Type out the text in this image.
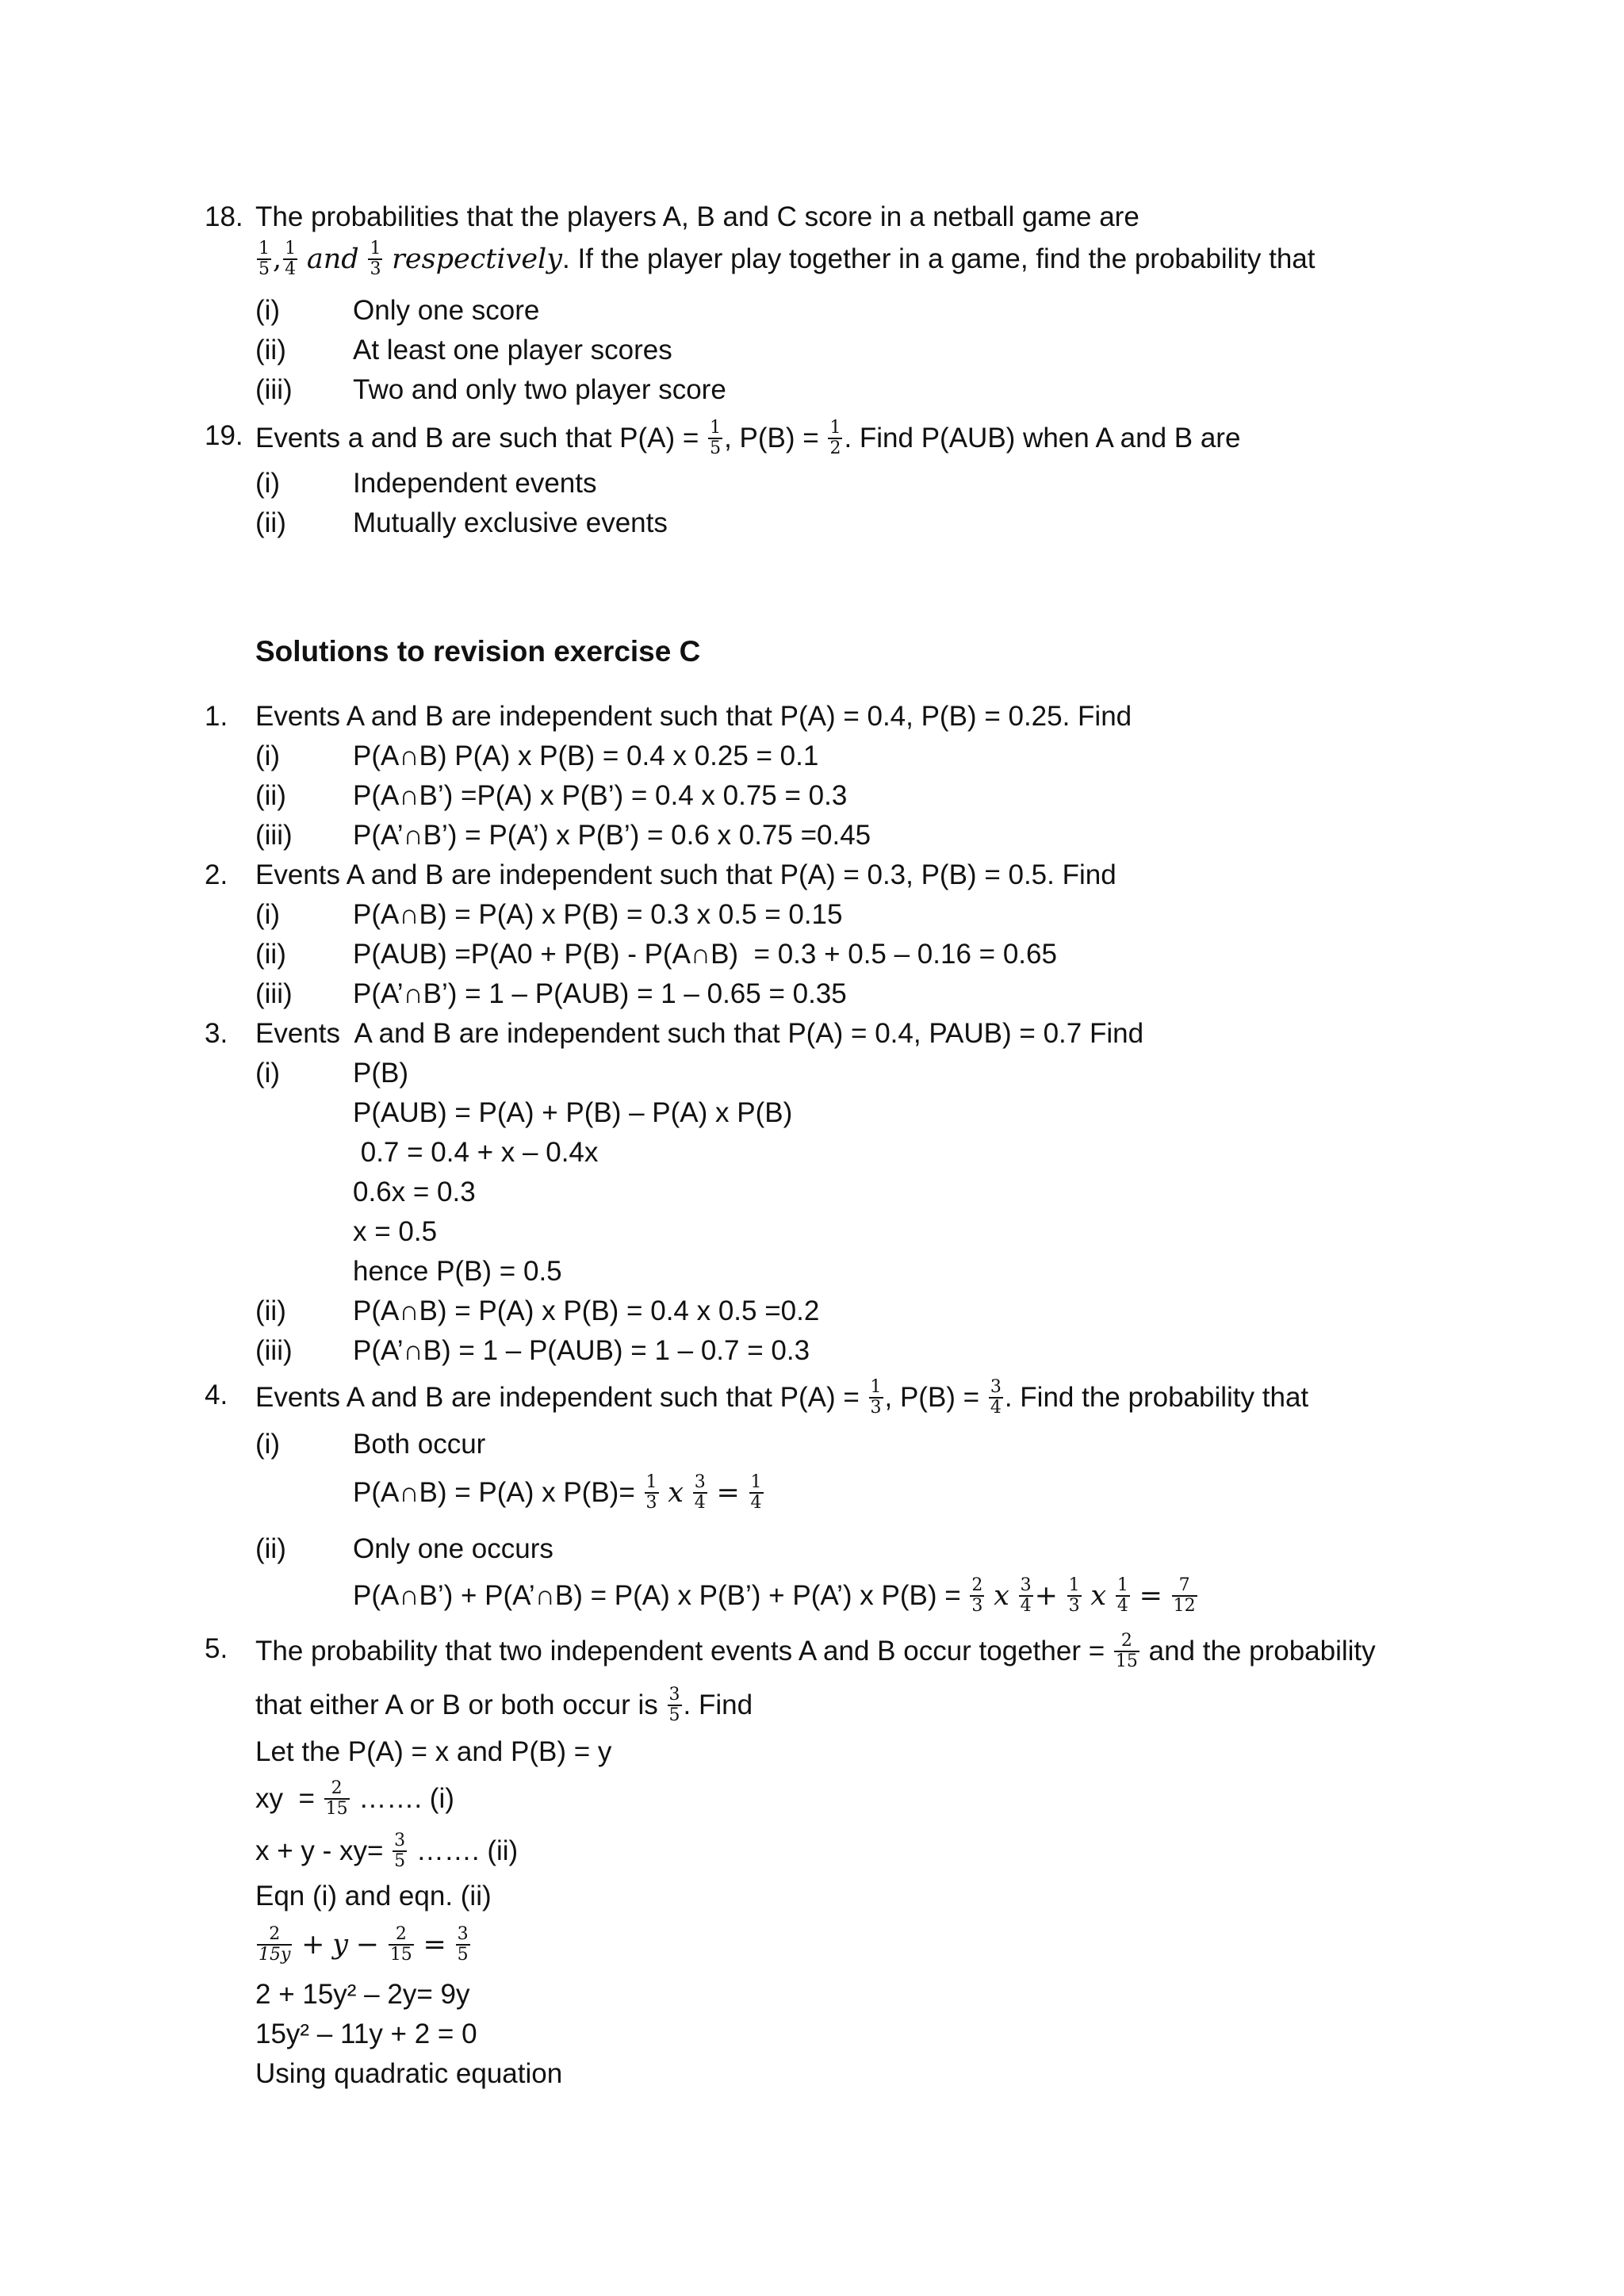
18. The probabilities that the players A, B and C score in a netball game are
$\frac{1}{5}$ , $\frac{1}{4}$ and $\frac{1}{3}$ respectively. If the player play together in a game, find the probability that
(i)	Only one score
(ii) At least one player scores
(iii) Two and only two player score
19. Events a and B are such that $P(A) = \frac{1}{5}$ , $P(B) = \frac{1}{2}$ . Find P(AUB) when A and B are
(i)	Independent events
(ii) Mutually exclusive events
Solutions to revision exercise C
1. Events A and B are independent such that P(A) = 0.4, P(B) = 0.25. Find
(i)	P(A∩B) P(A) x P(B) = 0.4 x 0.25 = 0.1
(ii) P(A∩B’) =P(A) x P(B’) = 0.4 x 0.75 = 0.3
(iii) P(A’∩B’) = P(A’) x P(B’) = 0.6 x 0.75 =0.45
2. Events A and B are independent such that P(A) = 0.3, P(B) = 0.5. Find
(i)	P(A∩B) = P(A) x P(B) = 0.3 x 0.5 = 0.15
(ii) P(AUB) =P(A0 + P(B) - P(A∩B)  = 0.3 + 0.5 – 0.16 = 0.65
(iii) P(A’∩B’) = 1 – P(AUB) = 1 – 0.65 = 0.35
3. Events  A and B are independent such that P(A) = 0.4, PAUB) = 0.7 Find
(i)	P(B)
P(AUB) = P(A) + P(B) – P(A) x P(B)
0.7 = 0.4 + x – 0.4x
0.6x = 0.3
x = 0.5
hence P(B) = 0.5
(ii) P(A∩B) = P(A) x P(B) = 0.4 x 0.5 =0.2
(iii) P(A’∩B) = 1 – P(AUB) = 1 – 0.7 = 0.3
4. Events A and B are independent such that $P(A) = \frac{1}{3}$ , $P(B) = \frac{3}{4}$ . Find the probability that
(i)	Both occur
P(A∩B) = P(A) x $P(B)= \frac{1}{3}$ x $\frac{3}{4} = \frac{1}{4}$
(ii) Only one occurs
P(A∩B’) + P(A’∩B) = P(A) x P(B’) + P(A’) x $P(B) = \frac{2}{3}$ x $\frac{3}{4} + \frac{1}{3}$ x $\frac{1}{4} = \frac{7}{12}$
5. The probability that two independent events A and B occur together = $\frac{2}{15}$ and the probability
that either A or B or both occur is $\frac{3}{5}$ . Find
Let the P(A) = x and P(B) = y
xy  = $\frac{2}{15}$ ……. (i)
$x + y - xy= \frac{3}{5}$ ……. (ii)
Eqn (i) and eqn. (ii)
$\frac{2}{15y} + y - \frac{2}{15} = \frac{3}{5}$
2 + 15y² – 2y= 9y
15y² – 11y + 2 = 0
Using quadratic equation
